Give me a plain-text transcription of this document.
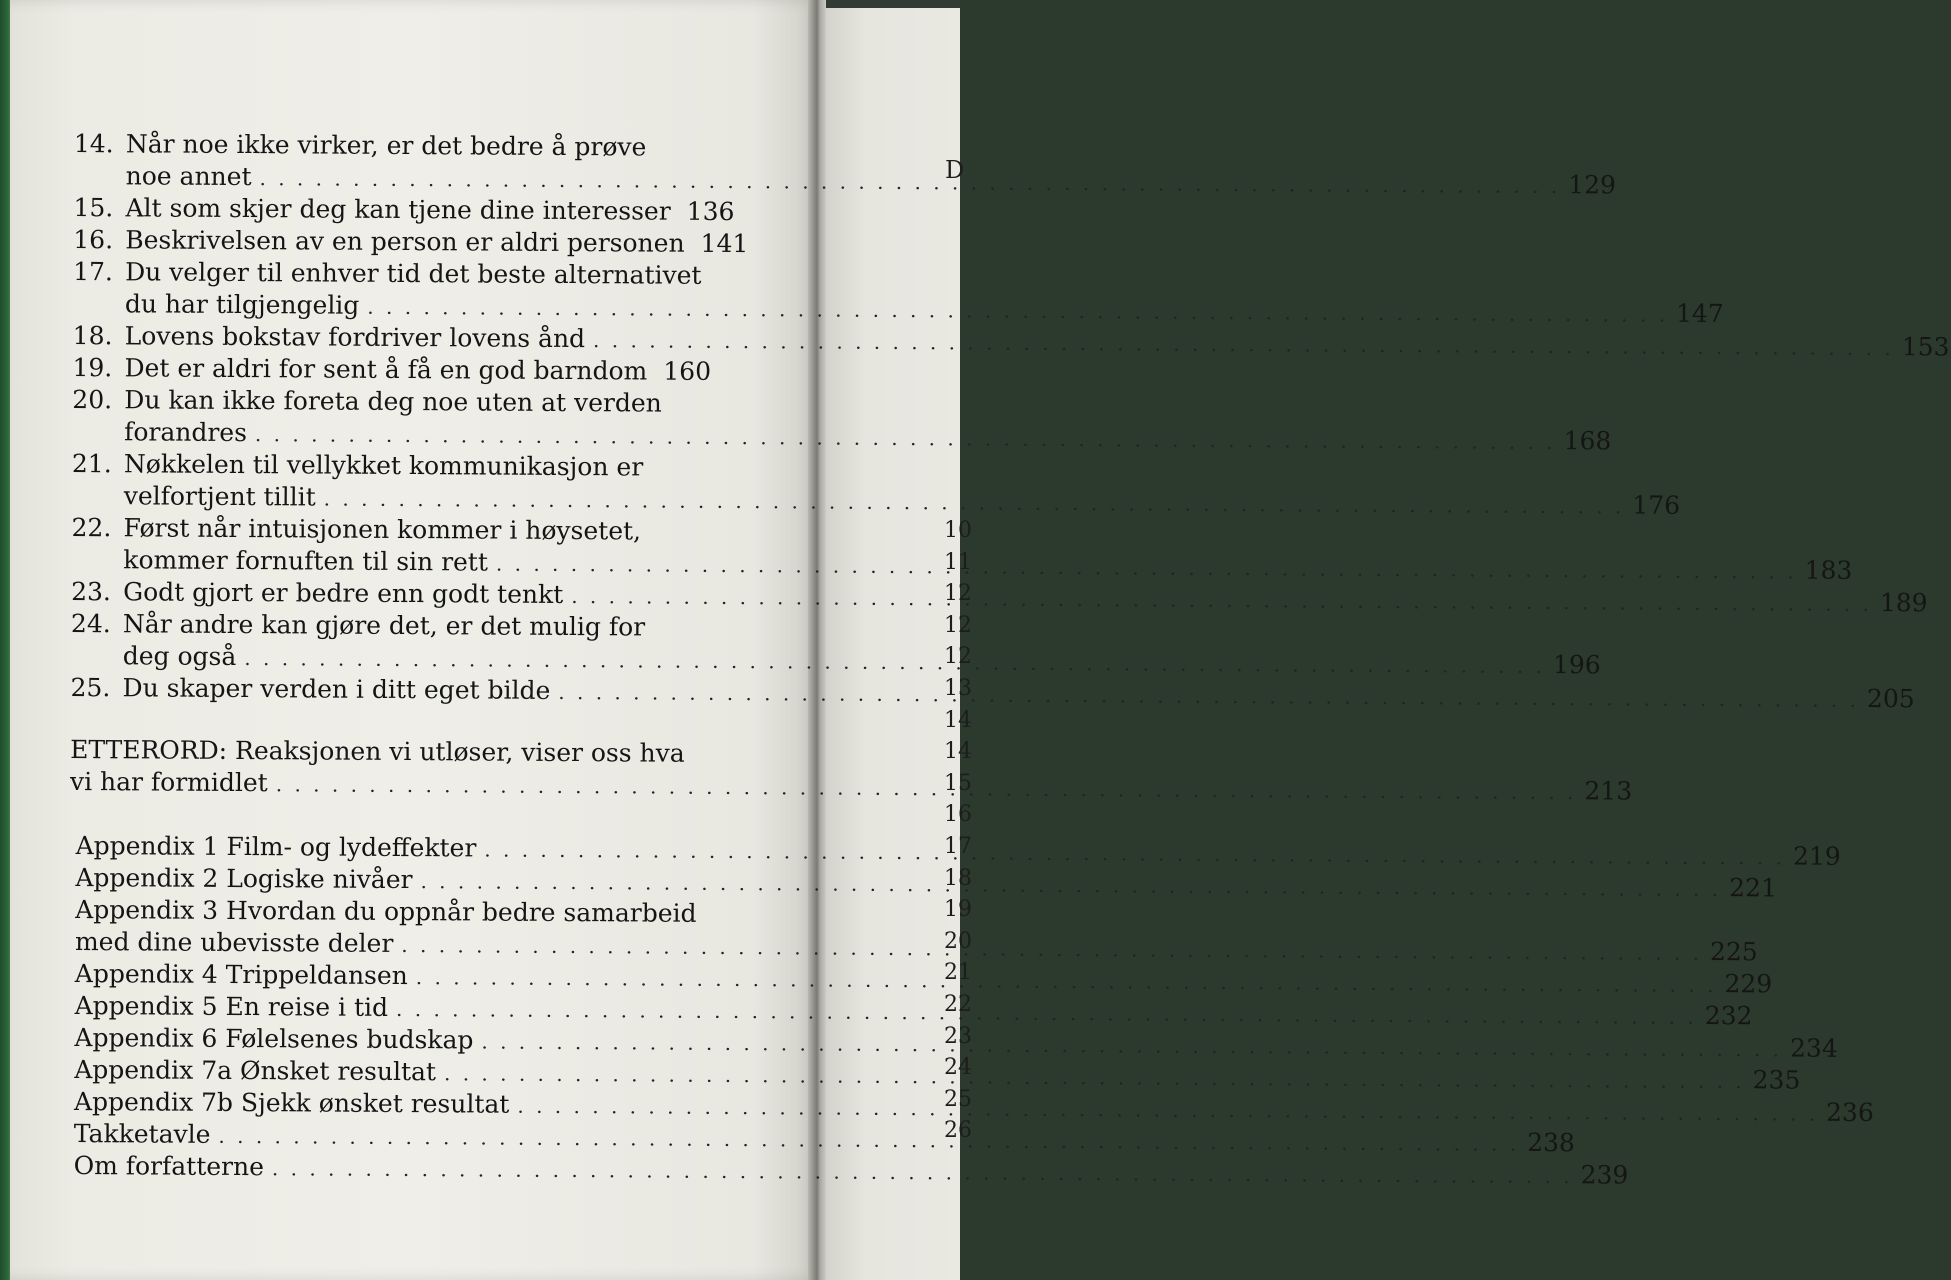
14. Når noe ikke virker, er det bedre å prøve
noe annet . . .	129
15. Alt som skjer deg kan tjene dine interesser . . . 136
16. Beskrivelsen av en person er aldri personen . . . 141
17. Du velger til enhver tid det beste alternativet
du har tilgjengelig . . .	147
18. Lovens bokstav fordriver lovens ånd . . .	153
19. Det er aldri for sent å få en god barndom . . . 160
20. Du kan ikke foreta deg noe uten at verden
forandres . . .	168
21. Nøkkelen til vellykket kommunikasjon er
velfortjent tillit . . .	176
22. Først når intuisjonen kommer i høysetet,
kommer fornuften til sin rett . . .	183
23. Godt gjort er bedre enn godt tenkt . . .	189
24. Når andre kan gjøre det, er det mulig for
deg også . . .	196
25. Du skaper verden i ditt eget bilde . . .	205
ETTERORD: Reaksjonen vi utløser, viser oss hva
vi har formidlet . . .	213
Appendix 1 Film- og lydeffekter . . .	219
Appendix 2 Logiske nivåer . . .	221
Appendix 3 Hvordan du oppnår bedre samarbeid
med dine ubevisste deler . . .	225
Appendix 4 Trippeldansen . . .	229
Appendix 5 En reise i tid . . .	232
Appendix 6 Følelsenes budskap . . .	234
Appendix 7a Ønsket resultat . . .	235
Appendix 7b Sjekk ønsket resultat . . .	236
Takketavle . . .	238
Om forfatterne . . .	239
D
10
11
12
12
12
13
14
14
15
16
17
18
19
20
21
22
23
24
25
26
